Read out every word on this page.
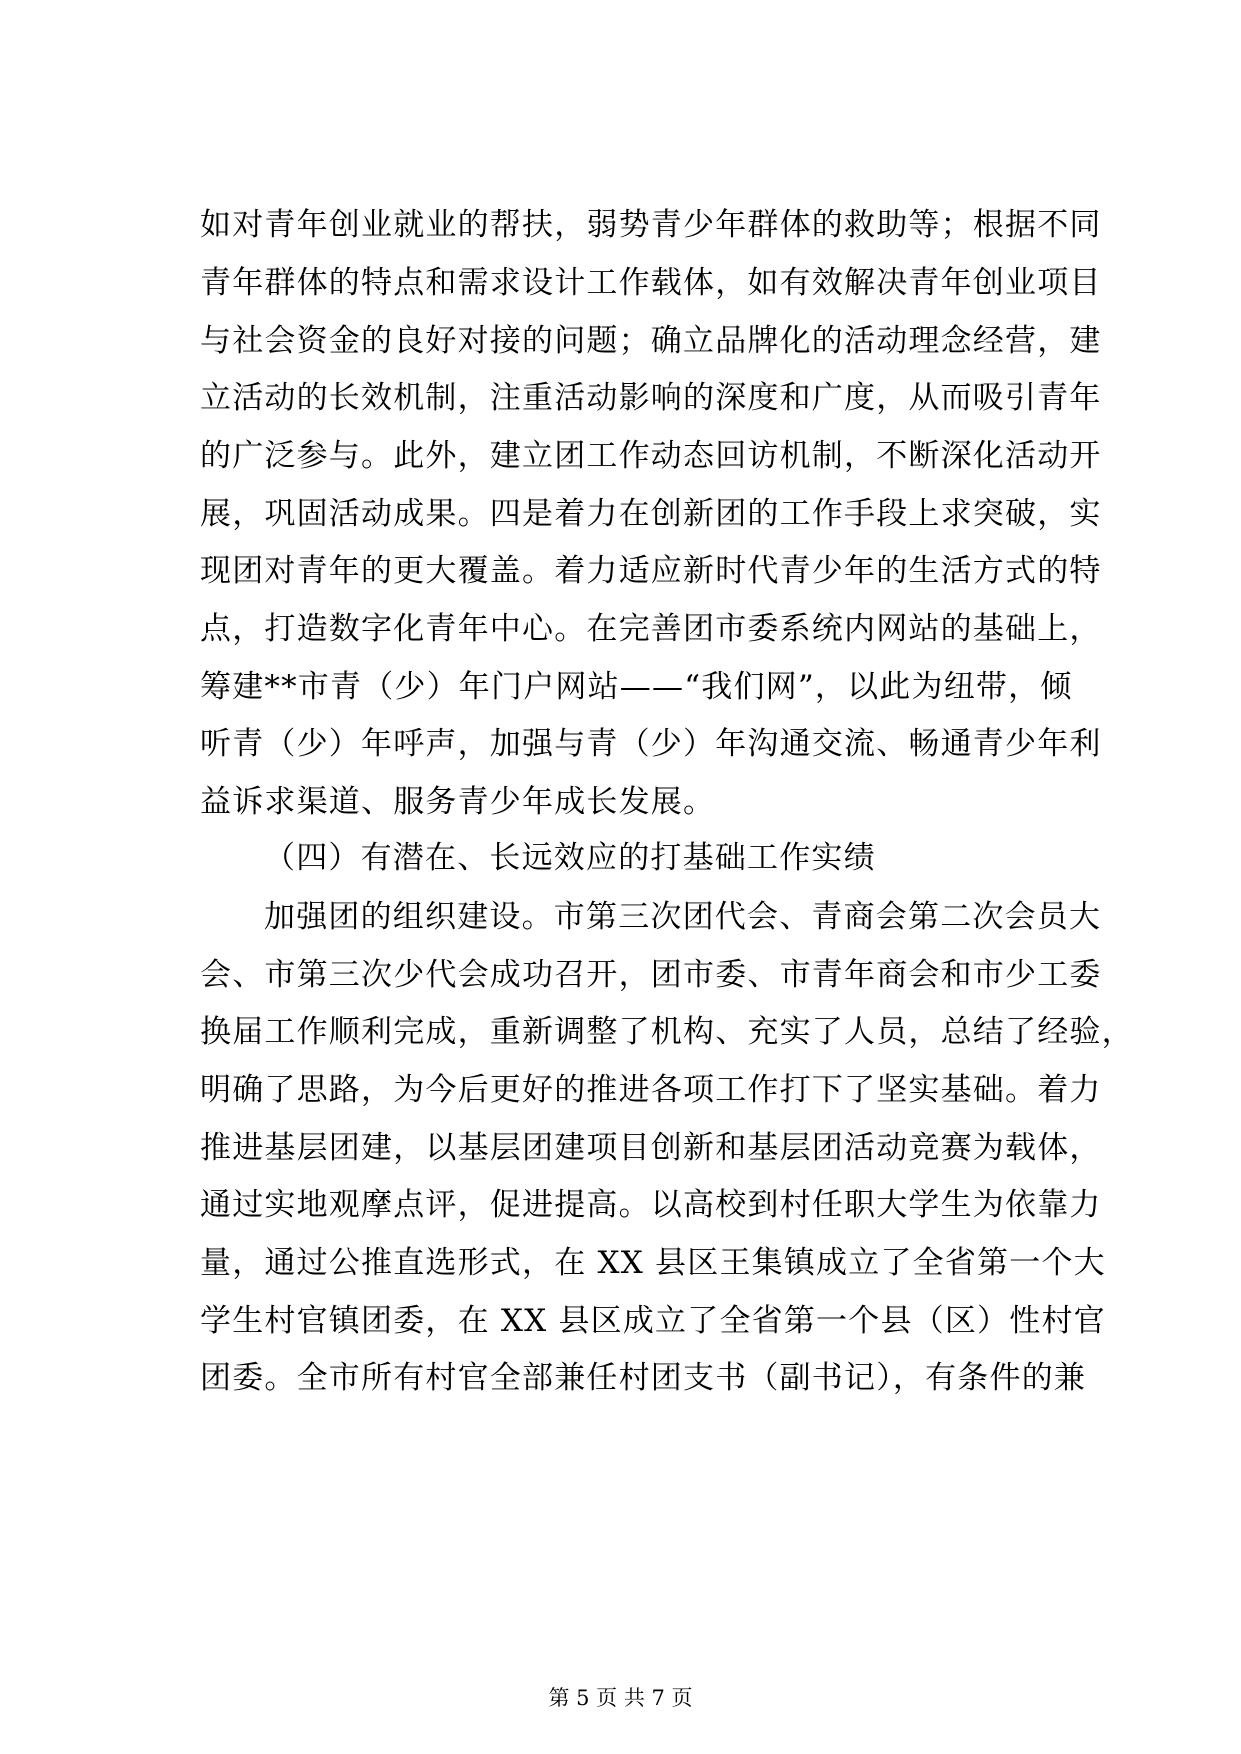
如对青年创业就业的帮扶，弱势青少年群体的救助等；根据不同
青年群体的特点和需求设计工作载体，如有效解决青年创业项目
与社会资金的良好对接的问题；确立品牌化的活动理念经营，建
立活动的长效机制，注重活动影响的深度和广度，从而吸引青年
的广泛参与。此外，建立团工作动态回访机制，不断深化活动开
展，巩固活动成果。四是着力在创新团的工作手段上求突破，实
现团对青年的更大覆盖。着力适应新时代青少年的生活方式的特
点，打造数字化青年中心。在完善团市委系统内网站的基础上，
筹建**市青（少）年门户网站——“我们网”，以此为纽带，倾
听青（少）年呼声，加强与青（少）年沟通交流、畅通青少年利
益诉求渠道、服务青少年成长发展。
（四）有潜在、长远效应的打基础工作实绩
加强团的组织建设。市第三次团代会、青商会第二次会员大
会、市第三次少代会成功召开，团市委、市青年商会和市少工委
换届工作顺利完成，重新调整了机构、充实了人员，总结了经验，
明确了思路，为今后更好的推进各项工作打下了坚实基础。着力
推进基层团建，以基层团建项目创新和基层团活动竞赛为载体，
通过实地观摩点评，促进提高。以高校到村任职大学生为依靠力
量，通过公推直选形式，在 XX 县区王集镇成立了全省第一个大
学生村官镇团委，在 XX 县区成立了全省第一个县（区）性村官
团委。全市所有村官全部兼任村团支书（副书记），有条件的兼
第 5 页 共 7 页
